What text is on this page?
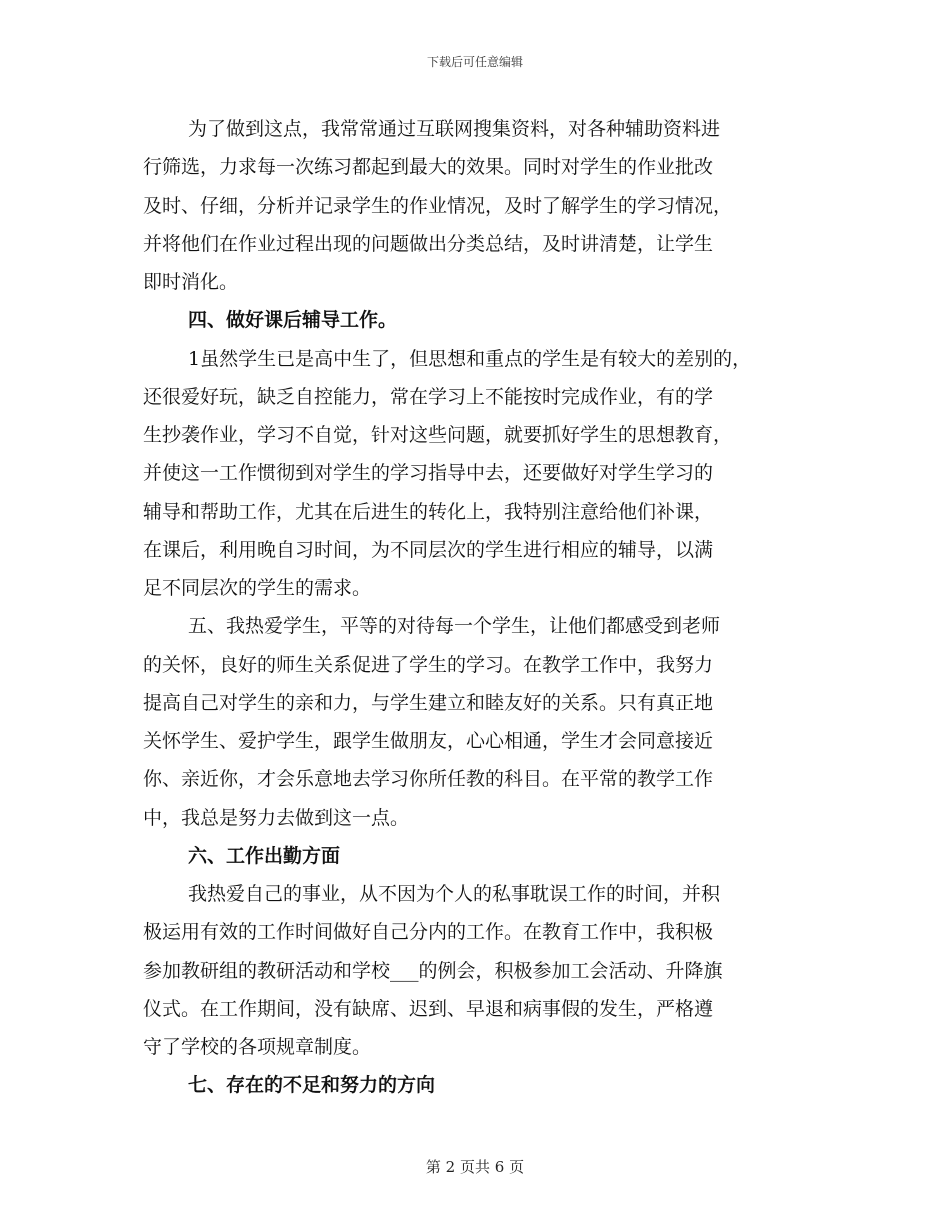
下载后可任意编辑
为了做到这点，我常常通过互联网搜集资料，对各种辅助资料进
行筛选，力求每一次练习都起到最大的效果。同时对学生的作业批改
及时、仔细，分析并记录学生的作业情况，及时了解学生的学习情况，
并将他们在作业过程出现的问题做出分类总结，及时讲清楚，让学生
即时消化。
四、做好课后辅导工作。
1虽然学生已是高中生了，但思想和重点的学生是有较大的差别的，
还很爱好玩，缺乏自控能力，常在学习上不能按时完成作业，有的学
生抄袭作业，学习不自觉，针对这些问题，就要抓好学生的思想教育，
并使这一工作惯彻到对学生的学习指导中去，还要做好对学生学习的
辅导和帮助工作，尤其在后进生的转化上，我特别注意给他们补课，
在课后，利用晚自习时间，为不同层次的学生进行相应的辅导，以满
足不同层次的学生的需求。
五、我热爱学生，平等的对待每一个学生，让他们都感受到老师
的关怀，良好的师生关系促进了学生的学习。在教学工作中，我努力
提高自己对学生的亲和力，与学生建立和睦友好的关系。只有真正地
关怀学生、爱护学生，跟学生做朋友，心心相通，学生才会同意接近
你、亲近你，才会乐意地去学习你所任教的科目。在平常的教学工作
中，我总是努力去做到这一点。
六、工作出勤方面
我热爱自己的事业，从不因为个人的私事耽误工作的时间，并积
极运用有效的工作时间做好自己分内的工作。在教育工作中，我积极
参加教研组的教研活动和学校___的例会，积极参加工会活动、升降旗
仪式。在工作期间，没有缺席、迟到、早退和病事假的发生，严格遵
守了学校的各项规章制度。
七、存在的不足和努力的方向
第 2 页共 6 页
